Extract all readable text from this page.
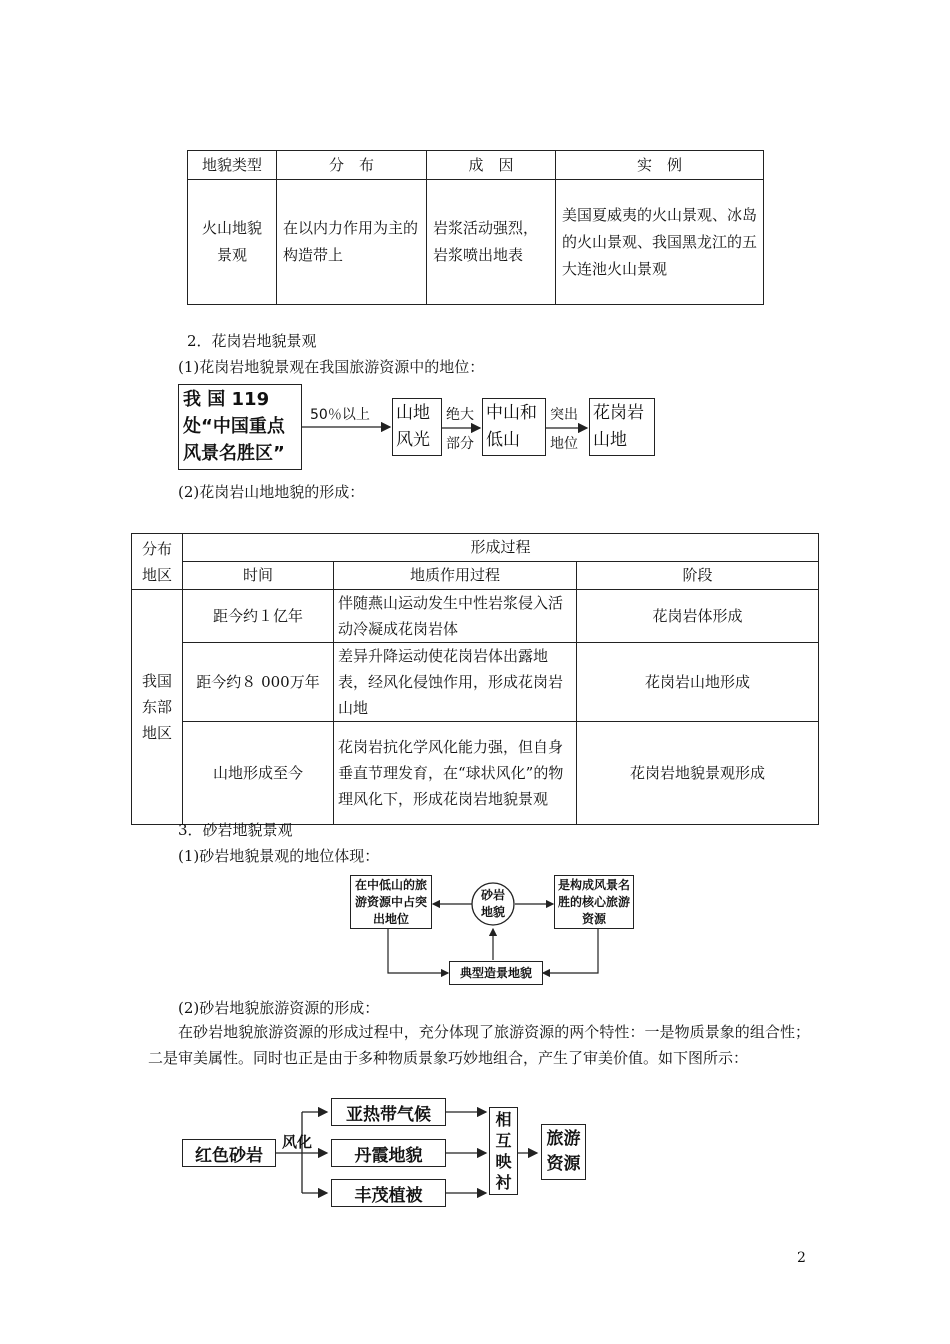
地貌类型	分　布	成　因	实　例
火山地貌景观	在以内力作用为主的构造带上	岩浆活动强烈，岩浆喷出地表	美国夏威夷的火山景观、冰岛的火山景观、我国黑龙江的五大连池火山景观
2．花岗岩地貌景观
(1)花岗岩地貌景观在我国旅游资源中的地位：
我 国 119 处“中国重点风景名胜区”
50％以上 山地风光
绝大
部分
中山和低山
突出
地位
花岗岩山地
(2)花岗岩山地地貌的形成：
分布地区	形成过程		
	时间	地质作用过程	阶段
我国东部地区	距今约１亿年	伴随燕山运动发生中性岩浆侵入活动冷凝成花岗岩体	花岗岩体形成
	距今约８ 000万年	差异升降运动使花岗岩体出露地表，经风化侵蚀作用，形成花岗岩山地	花岗岩山地形成
	山地形成至今	花岗岩抗化学风化能力强，但自身垂直节理发育，在“球状风化”的物理风化下，形成花岗岩地貌景观	花岗岩地貌景观形成
3．砂岩地貌景观
(1)砂岩地貌景观的地位体现：
在中低山的旅游资源中占突出地位
砂岩地貌
是构成风景名胜的核心旅游资源
典型造景地貌
(2)砂岩地貌旅游资源的形成：
在砂岩地貌旅游资源的形成过程中，充分体现了旅游资源的两个特性：一是物质景象的组合性；二是审美属性。同时也正是由于多种物质景象巧妙地组合，产生了审美价值。如下图所示：
红色砂岩
风化
亚热带气候
丹霞地貌
丰茂植被
相互映衬
旅游资源
2
